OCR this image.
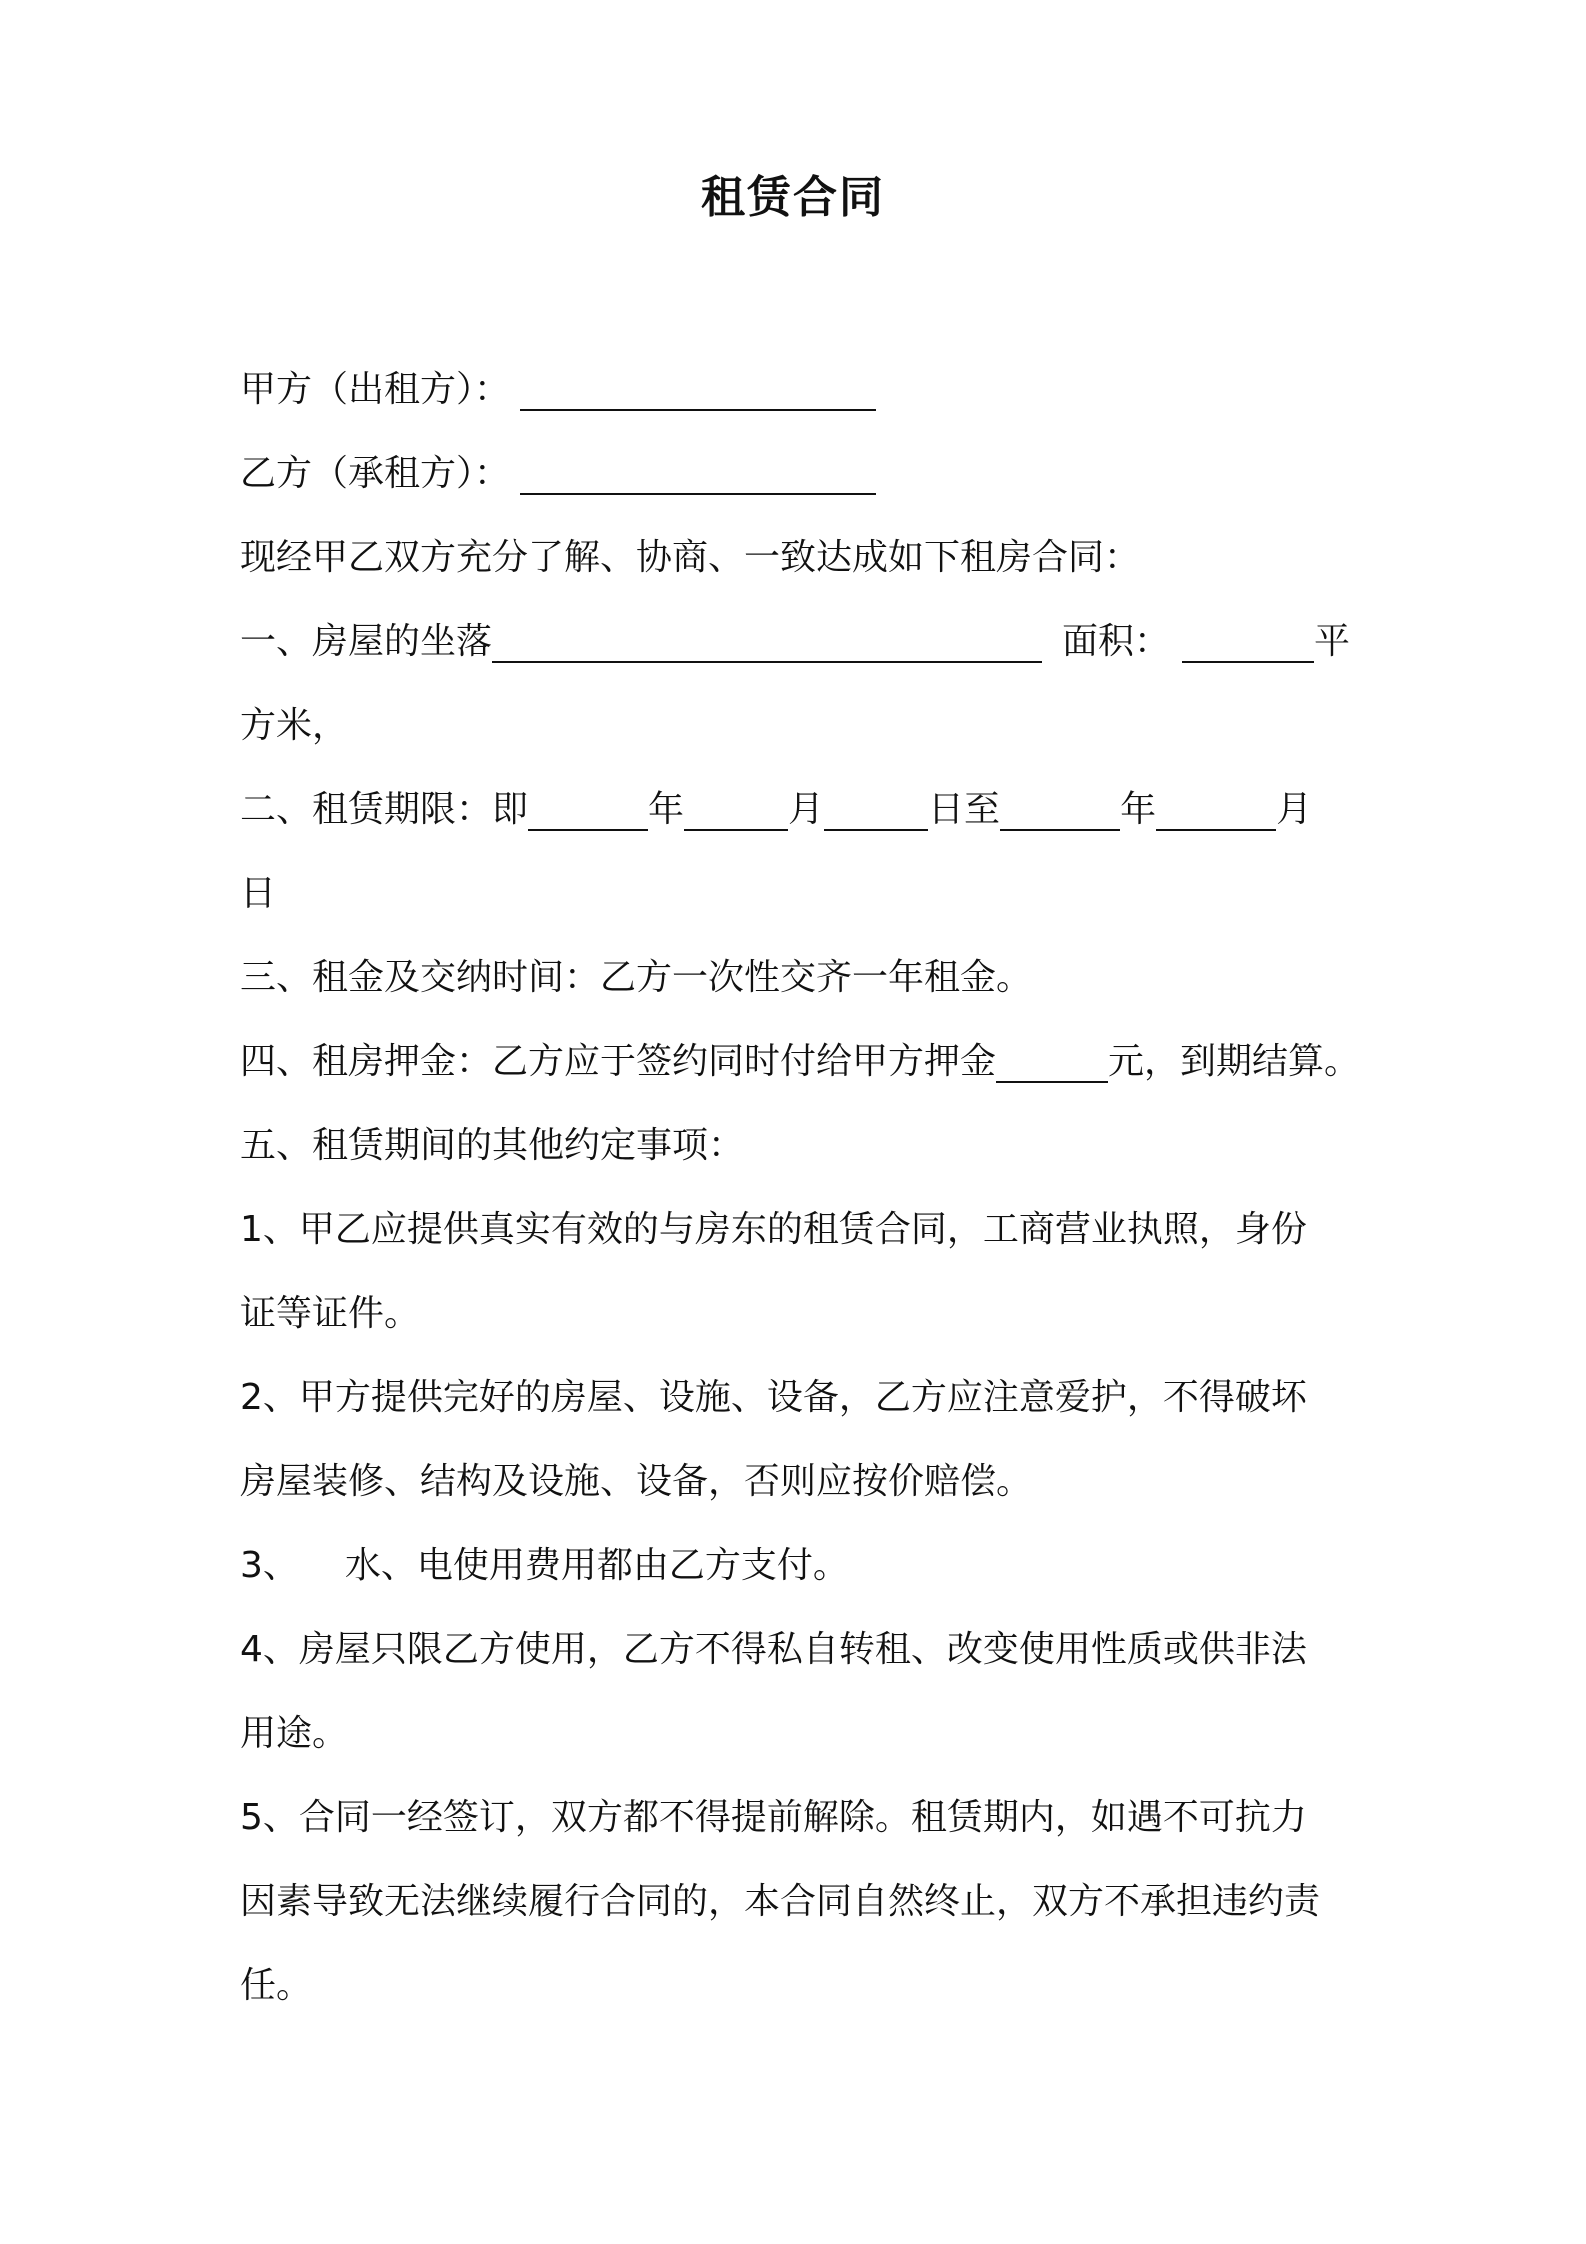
租赁合同
甲方（出租方）：
乙方（承租方）：
现经甲乙双方充分了解、协商、一致达成如下租房合同：
一、房屋的坐落	面积：	平
方米，
二、租赁期限：即	年	月	日至	年	月
日
三、租金及交纳时间：乙方一次性交齐一年租金。
四、租房押金：乙方应于签约同时付给甲方押金	元，到期结算。
五、租赁期间的其他约定事项：
1、甲乙应提供真实有效的与房东的租赁合同，工商营业执照，身份
证等证件。
2、甲方提供完好的房屋、设施、设备，乙方应注意爱护，不得破坏
房屋装修、结构及设施、设备，否则应按价赔偿。
3、 水、电使用费用都由乙方支付。
4、房屋只限乙方使用，乙方不得私自转租、改变使用性质或供非法
用途。
5、合同一经签订，双方都不得提前解除。租赁期内，如遇不可抗力
因素导致无法继续履行合同的，本合同自然终止，双方不承担违约责
任。
